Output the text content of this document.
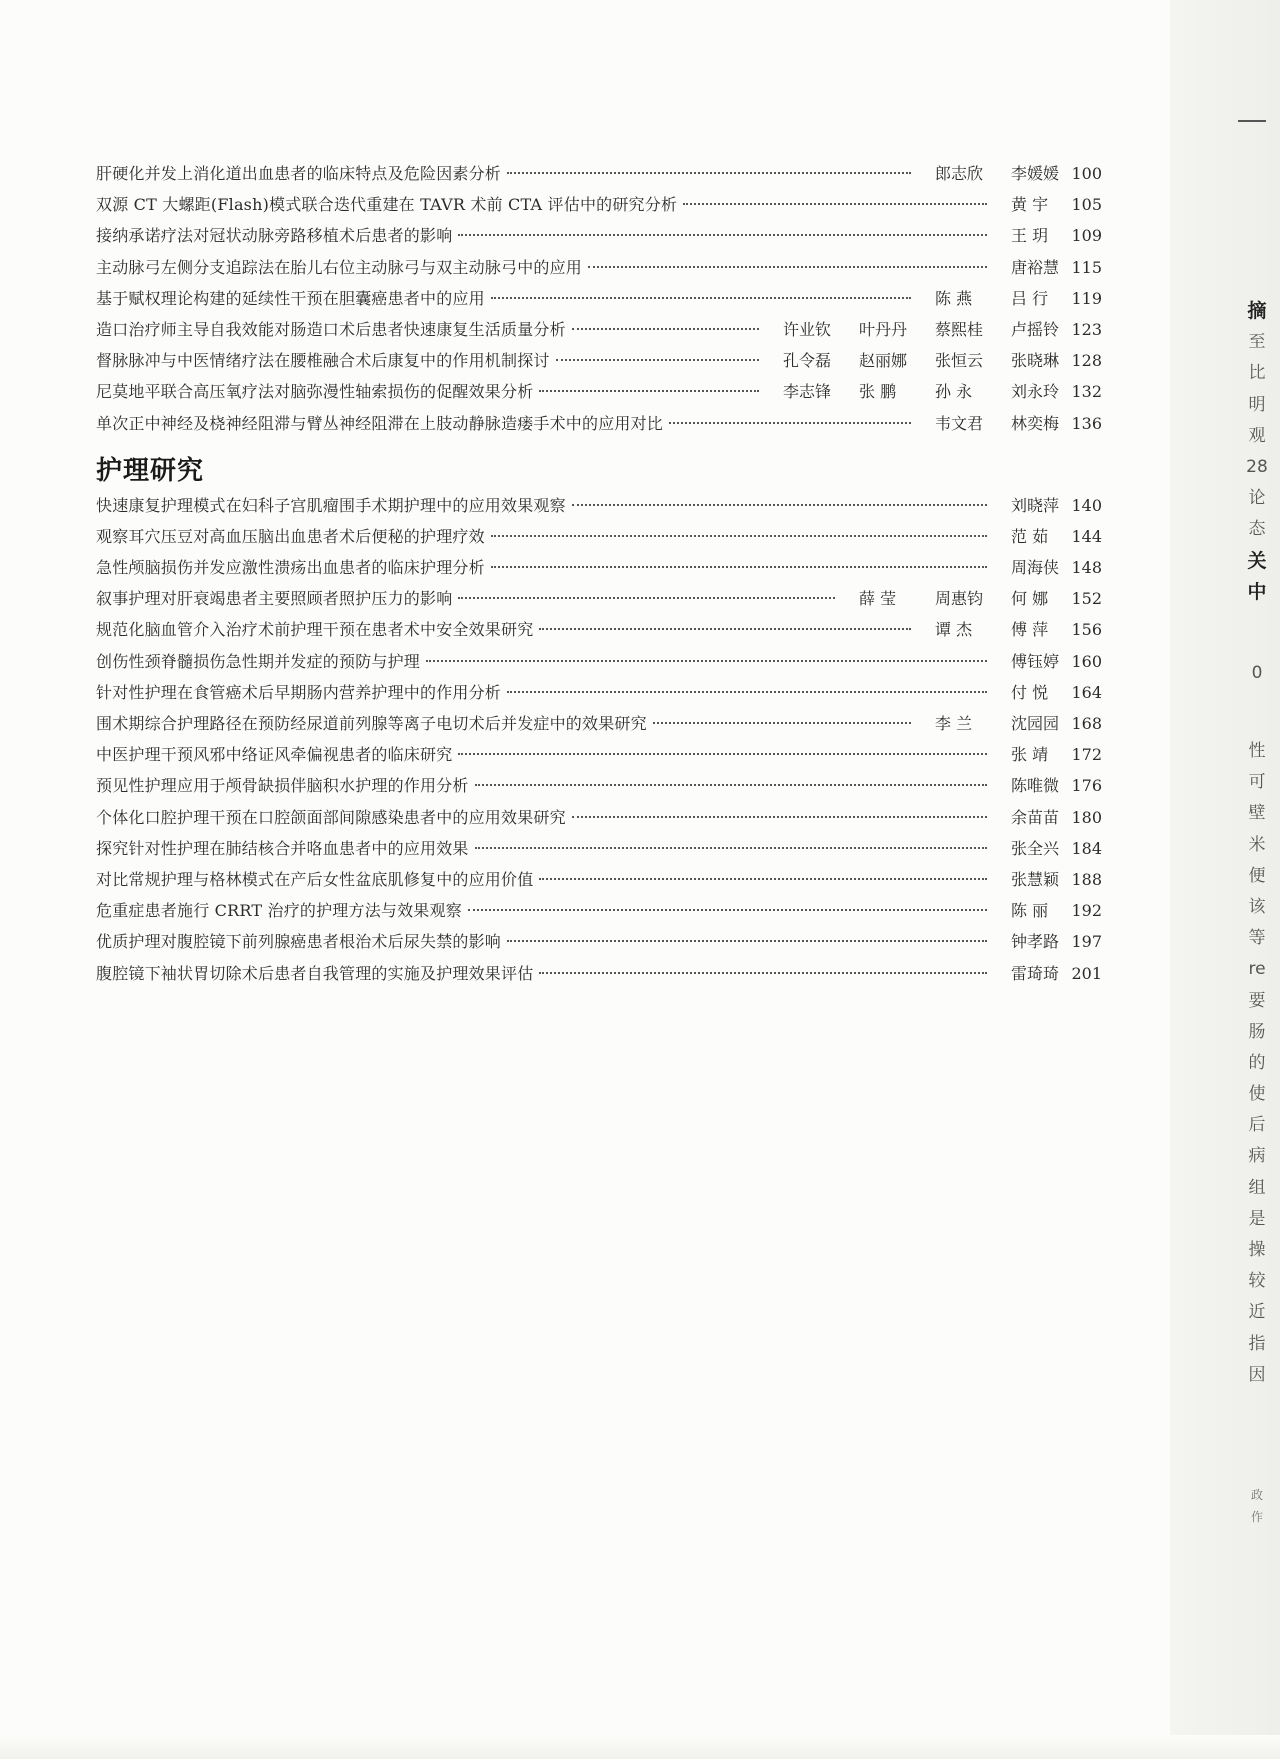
肝硬化并发上消化道出血患者的临床特点及危险因素分析	郎志欣	李媛媛 100
双源 CT 大螺距(Flash)模式联合迭代重建在 TAVR 术前 CTA 评估中的研究分析	黄 宇	105
接纳承诺疗法对冠状动脉旁路移植术后患者的影响	王 玥	109
主动脉弓左侧分支追踪法在胎儿右位主动脉弓与双主动脉弓中的应用	唐裕慧 115
基于赋权理论构建的延续性干预在胆囊癌患者中的应用	陈 燕	吕 行	119
造口治疗师主导自我效能对肠造口术后患者快速康复生活质量分析	许业钦	叶丹丹	蔡熙桂	卢摇铃 123
督脉脉冲与中医情绪疗法在腰椎融合术后康复中的作用机制探讨	孔令磊	赵丽娜	张恒云	张晓琳 128
尼莫地平联合高压氧疗法对脑弥漫性轴索损伤的促醒效果分析	李志锋	张 鹏	孙 永	刘永玲 132
单次正中神经及桡神经阻滞与臂丛神经阻滞在上肢动静脉造瘘手术中的应用对比	韦文君	林奕梅 136
护理研究
快速康复护理模式在妇科子宫肌瘤围手术期护理中的应用效果观察	刘晓萍 140
观察耳穴压豆对高血压脑出血患者术后便秘的护理疗效	范 茹	144
急性颅脑损伤并发应激性溃疡出血患者的临床护理分析	周海侠 148
叙事护理对肝衰竭患者主要照顾者照护压力的影响	薛 莹	周惠钧	何 娜	152
规范化脑血管介入治疗术前护理干预在患者术中安全效果研究	谭 杰	傅 萍	156
创伤性颈脊髓损伤急性期并发症的预防与护理	傅钰婷 160
针对性护理在食管癌术后早期肠内营养护理中的作用分析	付 悦	164
围术期综合护理路径在预防经尿道前列腺等离子电切术后并发症中的效果研究	李 兰	沈园园 168
中医护理干预风邪中络证风牵偏视患者的临床研究	张 靖	172
预见性护理应用于颅骨缺损伴脑积水护理的作用分析	陈唯微 176
个体化口腔护理干预在口腔颌面部间隙感染患者中的应用效果研究	余苗苗 180
探究针对性护理在肺结核合并咯血患者中的应用效果	张全兴 184
对比常规护理与格林模式在产后女性盆底肌修复中的应用价值	张慧颖 188
危重症患者施行 CRRT 治疗的护理方法与效果观察	陈 丽	192
优质护理对腹腔镜下前列腺癌患者根治术后尿失禁的影响	钟孝路 197
腹腔镜下袖状胃切除术后患者自我管理的实施及护理效果评估	雷琦琦 201
摘
至
比
明
观
28
论
态
关
中
0
性
可
壁
米
便
该
等
re
要
肠
的
使
后
病
组
是
操
较
近
指
因
政
作
